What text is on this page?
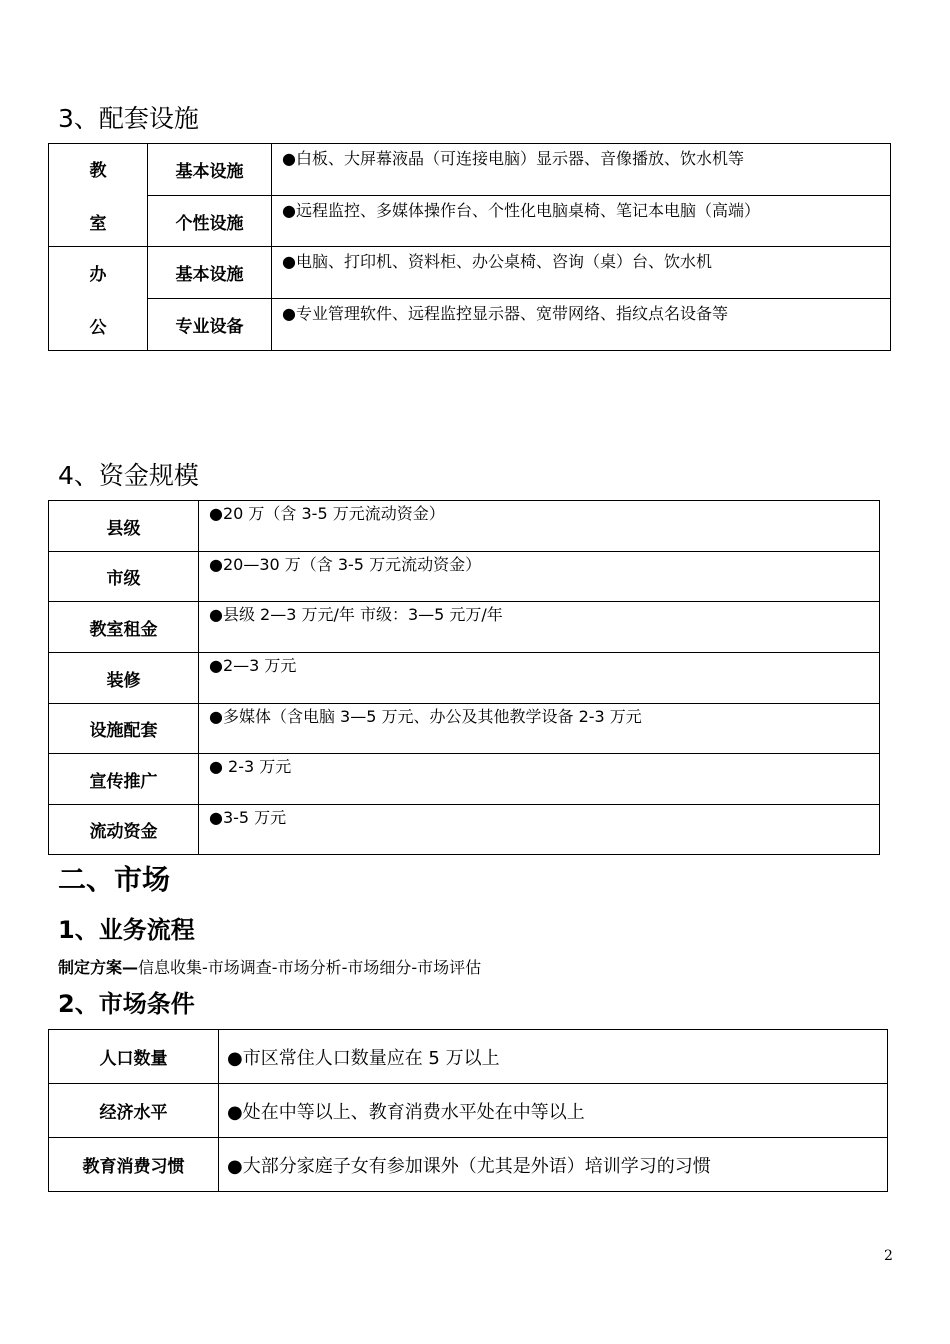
3、配套设施
教
室	基本设施	●白板、大屏幕液晶（可连接电脑）显示器、音像播放、饮水机等
	个性设施	●远程监控、多媒体操作台、个性化电脑桌椅、笔记本电脑（高端）

办
公	基本设施	●电脑、打印机、资料柜、办公桌椅、咨询（桌）台、饮水机
	专业设备	●专业管理软件、远程监控显示器、宽带网络、指纹点名设备等
4、资金规模
县级	●20 万（含 3-5 万元流动资金）
市级	●20—30 万（含 3-5 万元流动资金）
教室租金	●县级 2—3 万元/年 市级：3—5 元万/年
装修	●2—3 万元
设施配套	●多媒体（含电脑 3—5 万元、办公及其他教学设备 2-3 万元
宣传推广	● 2-3 万元
流动资金	●3-5 万元
二、市场
1、业务流程
制定方案—信息收集-市场调查-市场分析-市场细分-市场评估
2、市场条件
人口数量	●市区常住人口数量应在 5 万以上
经济水平	●处在中等以上、教育消费水平处在中等以上
教育消费习惯	●大部分家庭子女有参加课外（尤其是外语）培训学习的习惯
2
